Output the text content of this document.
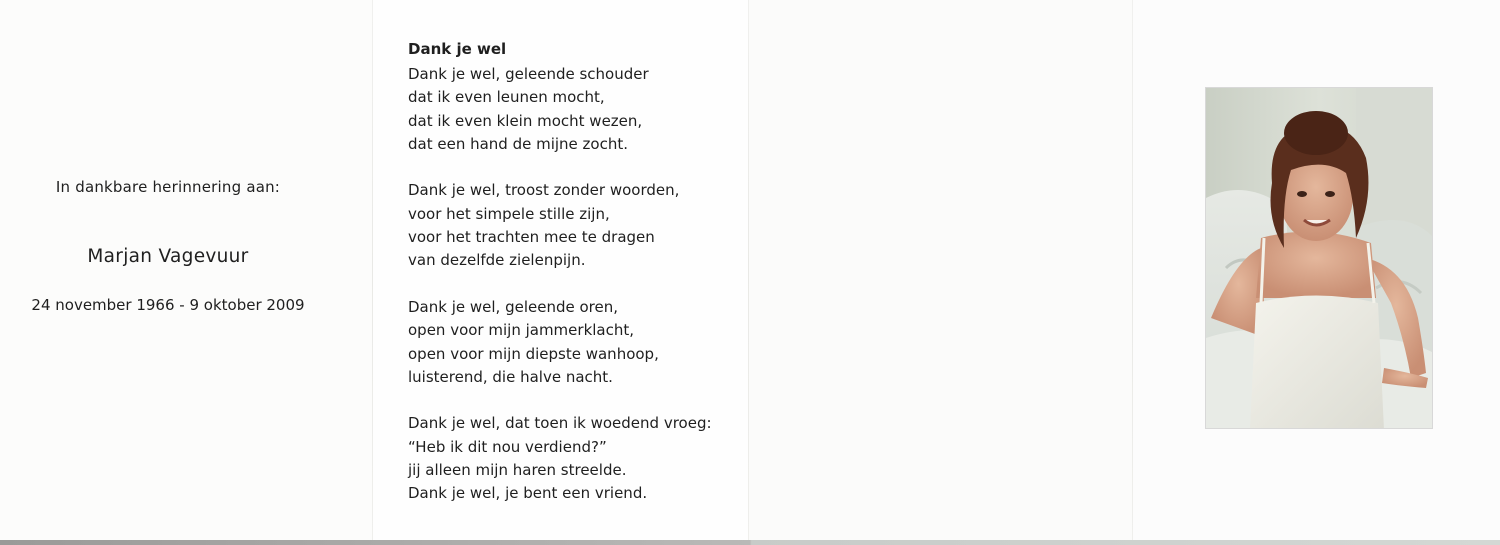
In dankbare herinnering aan:
Marjan Vagevuur
24 november 1966 - 9 oktober 2009
Dank je wel
Dank je wel, geleende schouder
dat ik even leunen mocht,
dat ik even klein mocht wezen,
dat een hand de mijne zocht.
Dank je wel, troost zonder woorden,
voor het simpele stille zijn,
voor het trachten mee te dragen
van dezelfde zielenpijn.
Dank je wel, geleende oren,
open voor mijn jammerklacht,
open voor mijn diepste wanhoop,
luisterend, die halve nacht.
Dank je wel, dat toen ik woedend vroeg:
“Heb ik dit nou verdiend?”
jij alleen mijn haren streelde.
Dank je wel, je bent een vriend.
